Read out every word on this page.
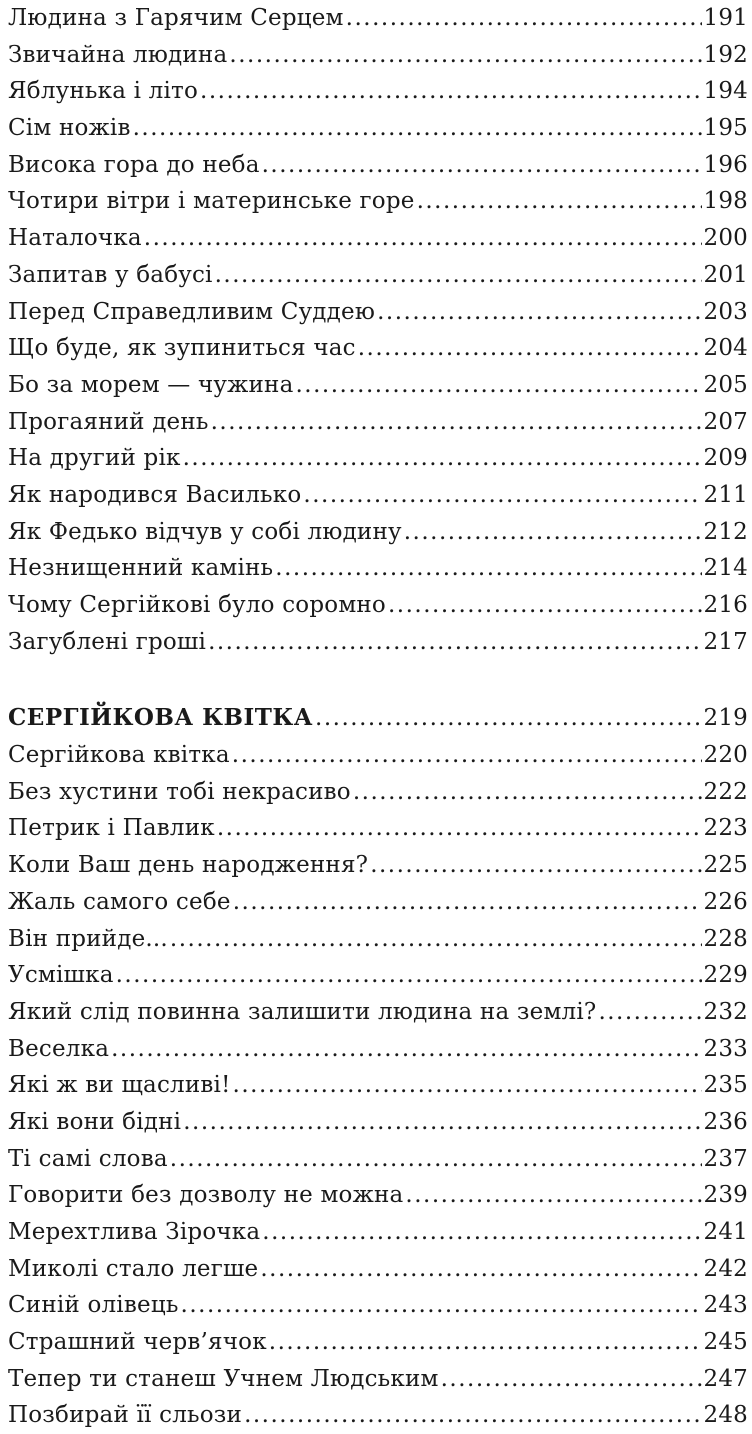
Людина з Гарячим Серцем .....	191
Звичайна людина .....	192
Яблунька і літо .....	194
Сім ножів .....	195
Висока гора до неба .....	196
Чотири вітри і материнське горе .....	198
Наталочка .....	200
Запитав у бабусі .....	201
Перед Справедливим Суддею .....	203
Що буде, як зупиниться час .....	204
Бо за морем — чужина .....	205
Прогаяний день .....	207
На другий рік .....	209
Як народився Василько .....	211
Як Федько відчув у собі людину .....	212
Незнищенний камінь .....	214
Чому Сергійкові було соромно .....	216
Загублені гроші .....	217
СЕРГІЙКОВА КВІТКА .....	219
Сергійкова квітка .....	220
Без хустини тобі некрасиво .....	222
Петрик і Павлик .....	223
Коли Ваш день народження? .....	225
Жаль самого себе .....	226
Він прийде... .....	228
Усмішка .....	229
Який слід повинна залишити людина на землі? .....	232
Веселка .....	233
Які ж ви щасливі! .....	235
Які вони бідні .....	236
Ті самі слова .....	237
Говорити без дозволу не можна .....	239
Мерехтлива Зірочка .....	241
Миколі стало легше .....	242
Синій олівець .....	243
Страшний черв’ячок .....	245
Тепер ти станеш Учнем Людським .....	247
Позбирай її сльози .....	248
